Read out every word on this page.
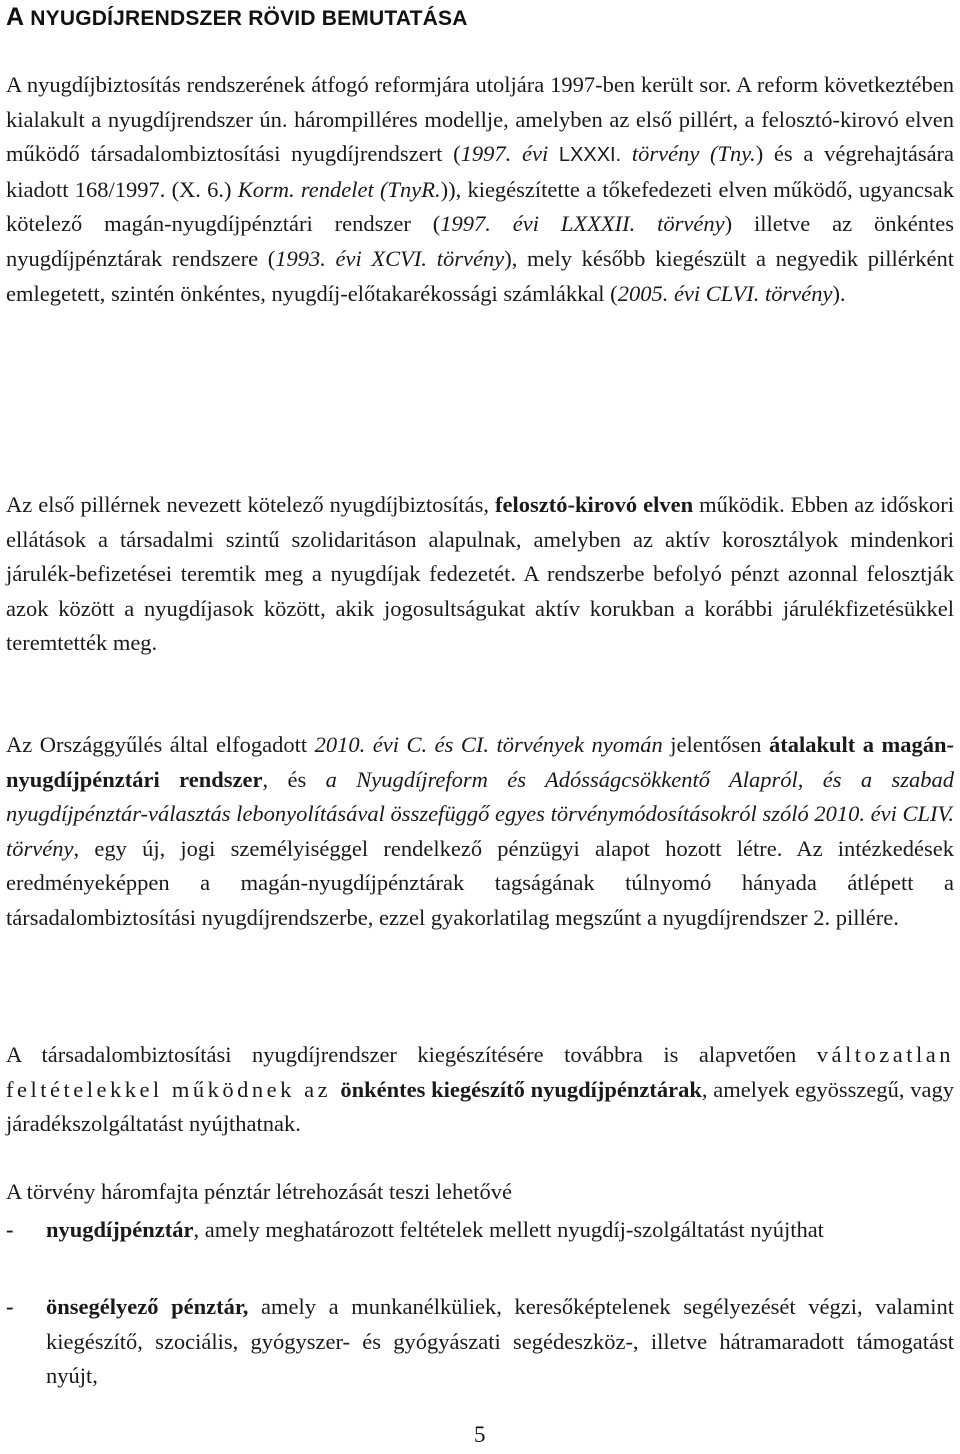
A NYUGDÍJRENDSZER RÖVID BEMUTATÁSA

A nyugdíjbiztosítás rendszerének átfogó reformjára utoljára 1997-ben került sor. A reform következtében kialakult a nyugdíjrendszer ún. hárompilléres modellje, amelyben az első pillért, a felosztó-kirovó elven működő társadalombiztosítási nyugdíjrendszert (1997. évi LXXXI. törvény (Tny.) és a végrehajtására kiadott 168/1997. (X. 6.) Korm. rendelet (TnyR.)), kiegészítette a tőkefedezeti elven működő, ugyancsak kötelező magán-nyugdíjpénztári rendszer (1997. évi LXXXII. törvény) illetve az önkéntes nyugdíjpénztárak rendszere (1993. évi XCVI. törvény), mely később kiegészült a negyedik pillérként emlegetett, szintén önkéntes, nyugdíj-előtakarékossági számlákkal (2005. évi CLVI. törvény).

Az első pillérnek nevezett kötelező nyugdíjbiztosítás, felosztó-kirovó elven működik. Ebben az időskori ellátások a társadalmi szintű szolidaritáson alapulnak, amelyben az aktív korosztályok mindenkori járulék-befizetései teremtik meg a nyugdíjak fedezetét. A rendszerbe befolyó pénzt azonnal felosztják azok között a nyugdíjasok között, akik jogosultságukat aktív korukban a korábbi járulékfizetésükkel teremtették meg.

Az Országgyűlés által elfogadott 2010. évi C. és CI. törvények nyomán jelentősen átalakult a magán-nyugdíjpénztári rendszer, és a Nyugdíjreform és Adósságcsökkentő Alapról, és a szabad nyugdíjpénztár-választás lebonyolításával összefüggő egyes törvénymódosításokról szóló 2010. évi CLIV. törvény, egy új, jogi személyiséggel rendelkező pénzügyi alapot hozott létre. Az intézkedések eredményeképpen a magán-nyugdíjpénztárak tagságának túlnyomó hányada átlépett a társadalombiztosítási nyugdíjrendszerbe, ezzel gyakorlatilag megszűnt a nyugdíjrendszer 2. pillére.

A társadalombiztosítási nyugdíjrendszer kiegészítésére továbbra is alapvetően változatlan feltételekkel működnek az önkéntes kiegészítő nyugdíjpénztárak, amelyek egyösszegű, vagy járadékszolgáltatást nyújthatnak.

A törvény háromfajta pénztár létrehozását teszi lehetővé

- nyugdíjpénztár, amely meghatározott feltételek mellett nyugdíj-szolgáltatást nyújthat
- önsegélyező pénztár, amely a munkanélküliek, keresőképtelenek segélyezését végzi, valamint kiegészítő, szociális, gyógyszer- és gyógyászati segédeszköz-, illetve hátramaradott támogatást nyújt,

5
